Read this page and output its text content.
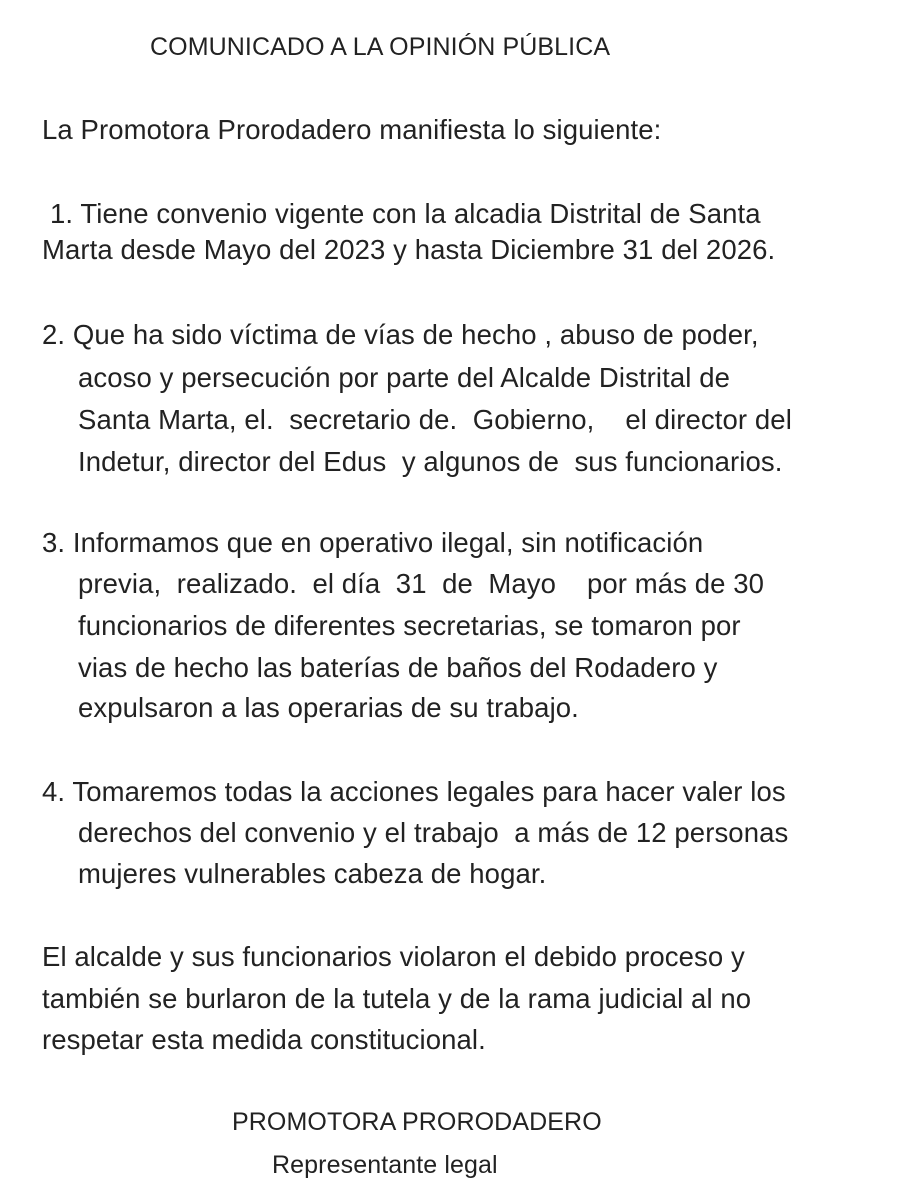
COMUNICADO A LA OPINIÓN PÚBLICA
La Promotora Prorodadero manifiesta lo siguiente:
1. Tiene convenio vigente con la alcadia Distrital de Santa
Marta desde Mayo del 2023 y hasta Diciembre 31 del 2026.
2. Que ha sido víctima de vías de hecho , abuso de poder,
acoso y persecución por parte del Alcalde Distrital de
Santa Marta, el.  secretario de.  Gobierno,    el director del
Indetur, director del Edus  y algunos de  sus funcionarios.
3. Informamos que en operativo ilegal, sin notificación
previa,  realizado.  el día  31  de  Mayo    por más de 30
funcionarios de diferentes secretarias, se tomaron por
vias de hecho las baterías de baños del Rodadero y
expulsaron a las operarias de su trabajo.
4. Tomaremos todas la acciones legales para hacer valer los
derechos del convenio y el trabajo  a más de 12 personas
mujeres vulnerables cabeza de hogar.
El alcalde y sus funcionarios violaron el debido proceso y
también se burlaron de la tutela y de la rama judicial al no
respetar esta medida constitucional.
PROMOTORA PRORODADERO
Representante legal
